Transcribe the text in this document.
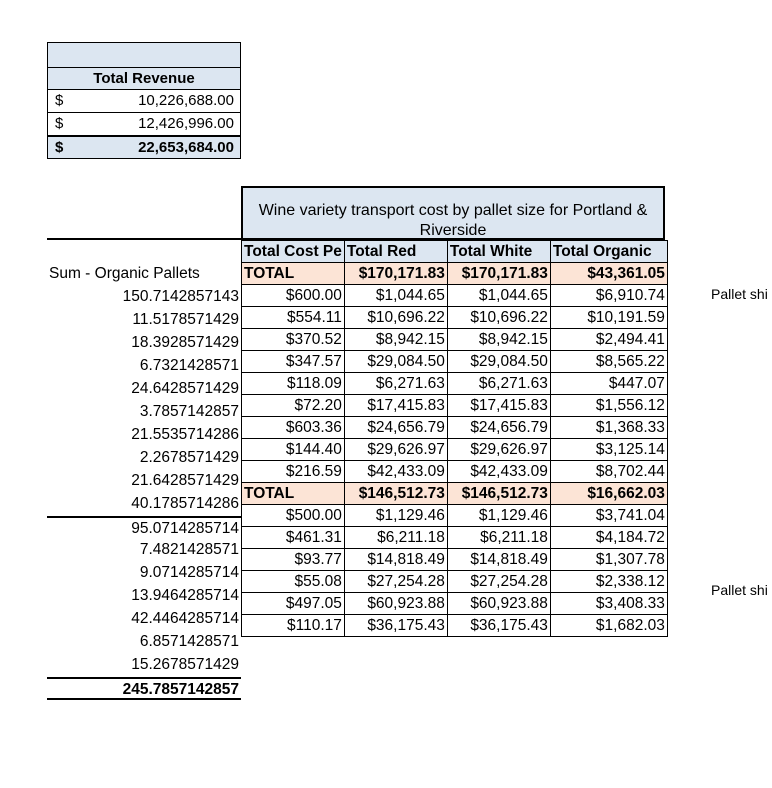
Total Revenue
$	10,226,688.00
$	12,426,996.00
$	22,653,684.00
Sum - Organic Pallets
150.7142857143
11.5178571429
18.3928571429
6.7321428571
24.6428571429
3.7857142857
21.5535714286
2.2678571429
21.6428571429
40.1785714286
95.0714285714
7.4821428571
9.0714285714
13.9464285714
42.4464285714
6.8571428571
15.2678571429
245.7857142857
Wine variety transport cost by pallet size for Portland & Riverside
Total Cost Pe	Total Red	Total White	Total Organic
TOTAL	$170,171.83	$170,171.83	$43,361.05
$600.00	$1,044.65	$1,044.65	$6,910.74
$554.11	$10,696.22	$10,696.22	$10,191.59
$370.52	$8,942.15	$8,942.15	$2,494.41
$347.57	$29,084.50	$29,084.50	$8,565.22
$118.09	$6,271.63	$6,271.63	$447.07
$72.20	$17,415.83	$17,415.83	$1,556.12
$603.36	$24,656.79	$24,656.79	$1,368.33
$144.40	$29,626.97	$29,626.97	$3,125.14
$216.59	$42,433.09	$42,433.09	$8,702.44
TOTAL	$146,512.73	$146,512.73	$16,662.03
$500.00	$1,129.46	$1,129.46	$3,741.04
$461.31	$6,211.18	$6,211.18	$4,184.72
$93.77	$14,818.49	$14,818.49	$1,307.78
$55.08	$27,254.28	$27,254.28	$2,338.12
$497.05	$60,923.88	$60,923.88	$3,408.33
$110.17	$36,175.43	$36,175.43	$1,682.03
Pallet shi
Pallet shi
